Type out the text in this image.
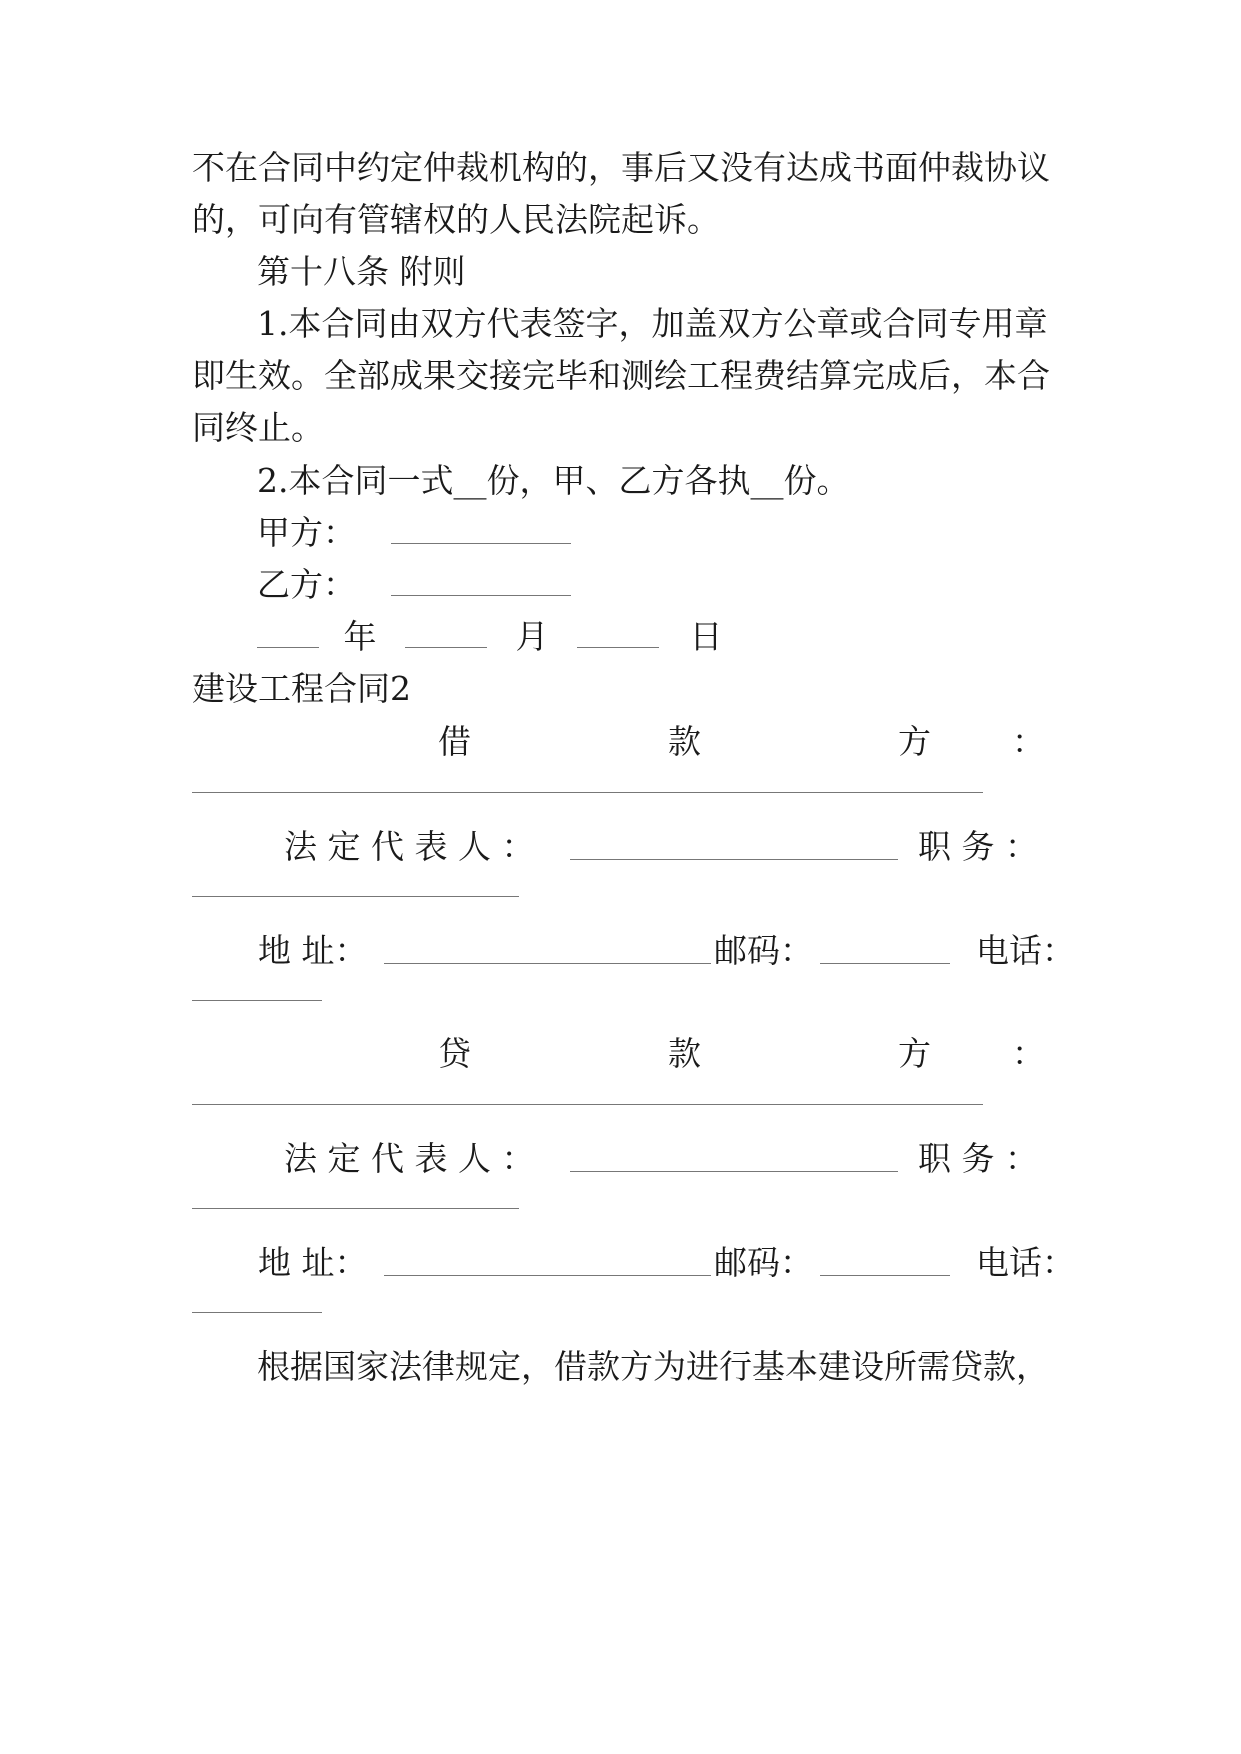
不在合同中约定仲裁机构的，事后又没有达成书面仲裁协议
的，可向有管辖权的人民法院起诉。
第十八条 附则
1.本合同由双方代表签字，加盖双方公章或合同专用章
即生效。全部成果交接完毕和测绘工程费结算完成后，本合
同终止。
2.本合同一式__份，甲、乙方各执__份。
甲方：
乙方：
年	月	日
建设工程合同2
借	款	方 ：
法 定 代 表 人 ：	职 务 ：
地 址：	邮码：	电话：
贷	款	方 ：
法 定 代 表 人 ：	职 务 ：
地 址：	邮码：	电话：
根据国家法律规定，借款方为进行基本建设所需贷款，
